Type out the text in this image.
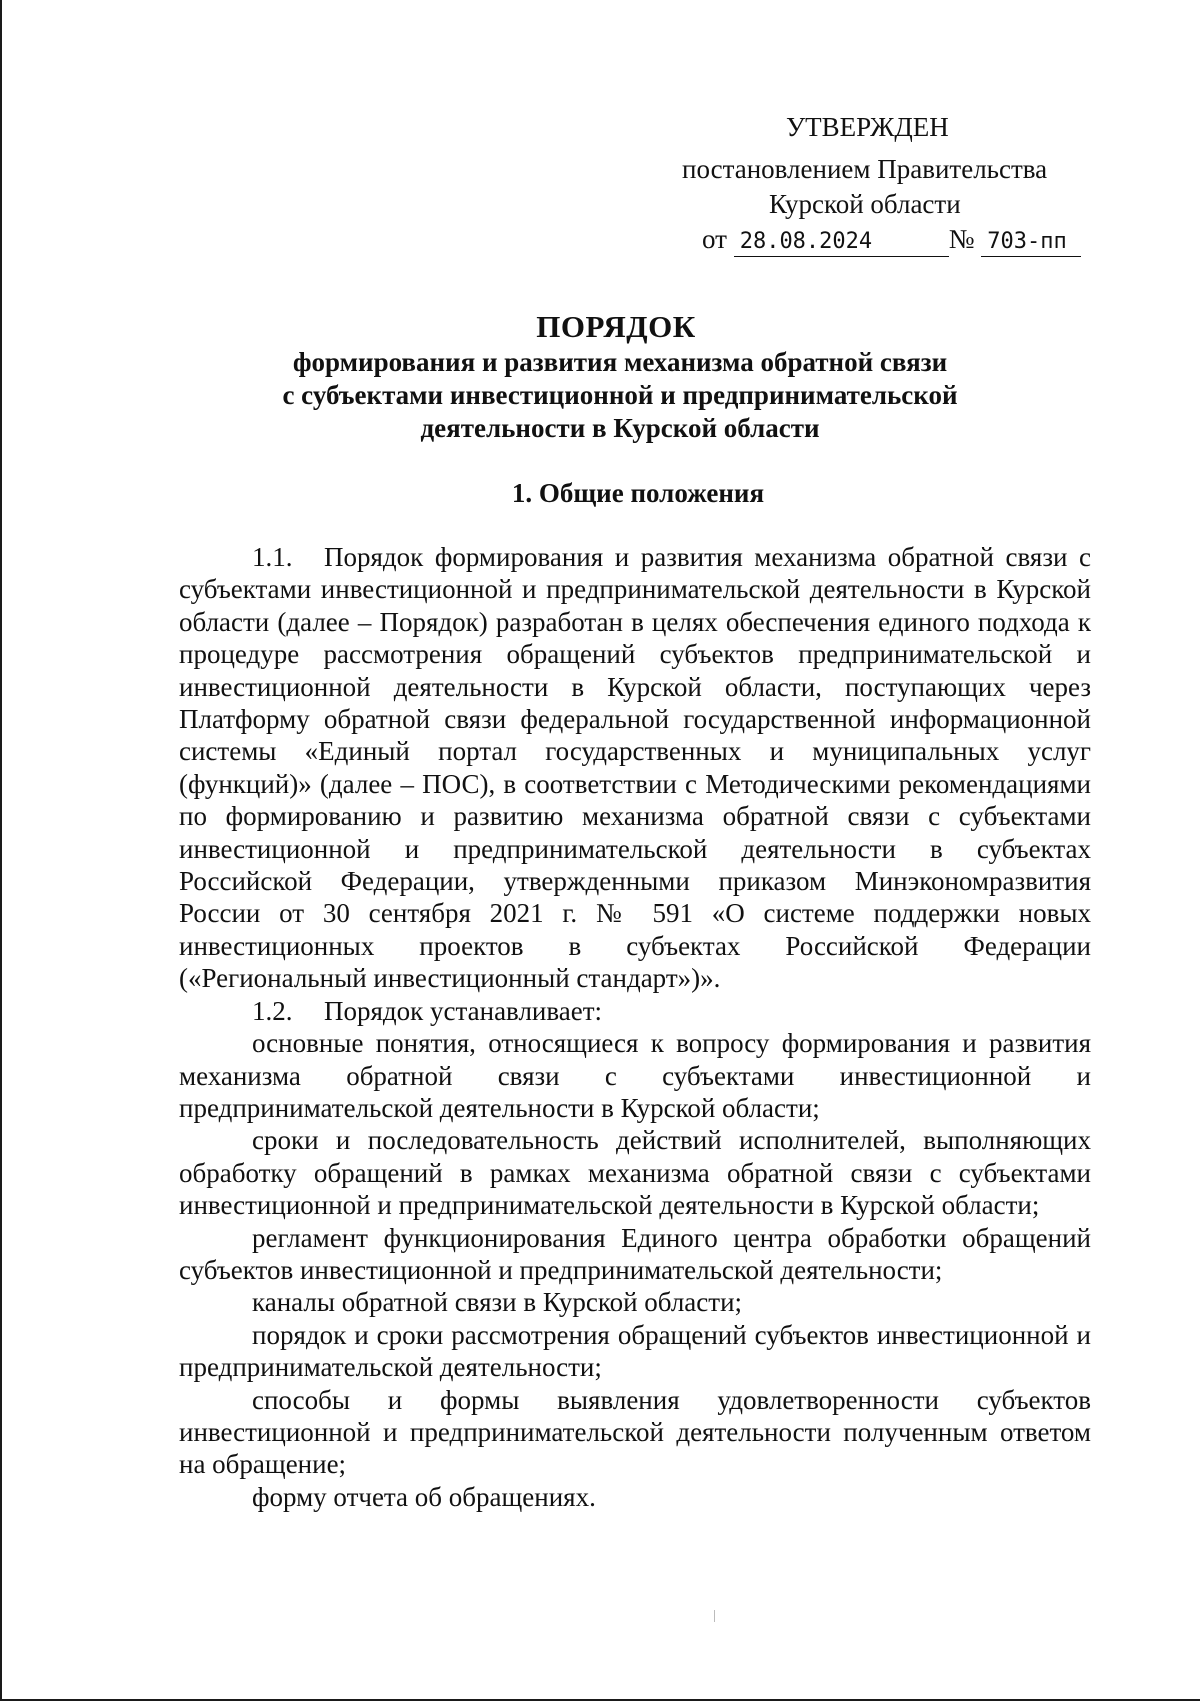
УТВЕРЖДЕН
постановлением Правительства
Курской области
от 28.08.2024	№ 703-пп
ПОРЯДОК
формирования и развития механизма обратной связи
с субъектами инвестиционной и предпринимательской
деятельности в Курской области
1. Общие положения

1.1. Порядок формирования и развития механизма обратной связи с субъектами инвестиционной и предпринимательской деятельности в Курской области (далее – Порядок) разработан в целях обеспечения единого подхода к процедуре рассмотрения обращений субъектов предпринимательской и инвестиционной деятельности в Курской области, поступающих через Платформу обратной связи федеральной государственной информационной системы «Единый портал государственных и муниципальных услуг (функций)» (далее – ПОС), в соответствии с Методическими рекомендациями по формированию и развитию механизма обратной связи с субъектами инвестиционной и предпринимательской деятельности в субъектах Российской Федерации, утвержденными приказом Минэкономразвития России от 30 сентября 2021 г. № 591 «О системе поддержки новых инвестиционных проектов в субъектах Российской Федерации («Региональный инвестиционный стандарт»)».

1.2. Порядок устанавливает:

основные понятия, относящиеся к вопросу формирования и развития механизма обратной связи с субъектами инвестиционной и предпринимательской деятельности в Курской области;

сроки и последовательность действий исполнителей, выполняющих обработку обращений в рамках механизма обратной связи с субъектами инвестиционной и предпринимательской деятельности в Курской области;

регламент функционирования Единого центра обработки обращений субъектов инвестиционной и предпринимательской деятельности;

каналы обратной связи в Курской области;

порядок и сроки рассмотрения обращений субъектов инвестиционной и предпринимательской деятельности;

способы и формы выявления удовлетворенности субъектов инвестиционной и предпринимательской деятельности полученным ответом на обращение;

форму отчета об обращениях.
